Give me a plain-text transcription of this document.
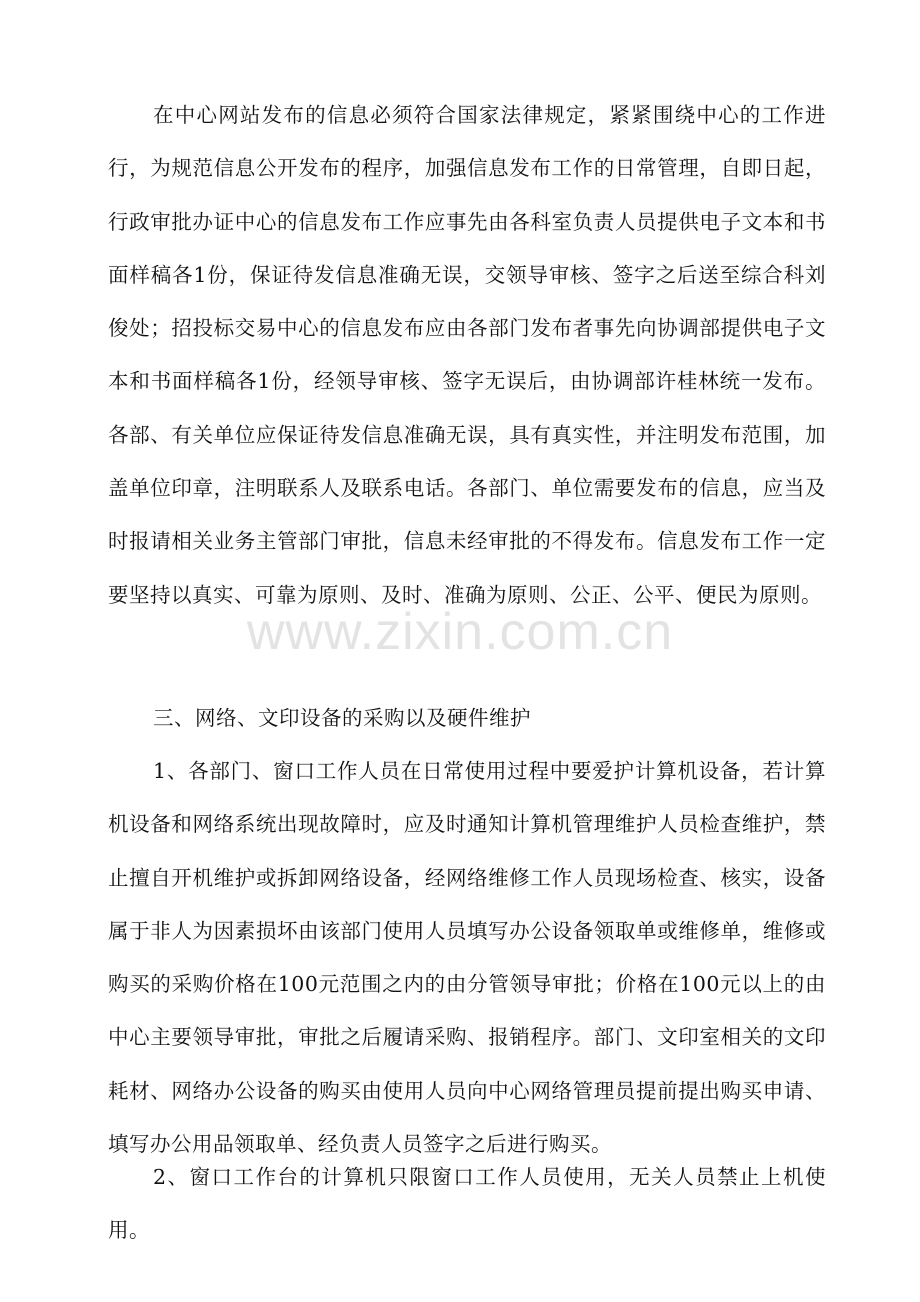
在中心网站发布的信息必须符合国家法律规定，紧紧围绕中心的工作进行，为规范信息公开发布的程序，加强信息发布工作的日常管理，自即日起，行政审批办证中心的信息发布工作应事先由各科室负责人员提供电子文本和书面样稿各1份，保证待发信息准确无误，交领导审核、签字之后送至综合科刘俊处；招投标交易中心的信息发布应由各部门发布者事先向协调部提供电子文本和书面样稿各1份，经领导审核、签字无误后，由协调部许桂林统一发布。各部、有关单位应保证待发信息准确无误，具有真实性，并注明发布范围，加盖单位印章，注明联系人及联系电话。各部门、单位需要发布的信息，应当及时报请相关业务主管部门审批，信息未经审批的不得发布。信息发布工作一定要坚持以真实、可靠为原则、及时、准确为原则、公正、公平、便民为原则。

www.zixin.com.cn

三、网络、文印设备的采购以及硬件维护

1、各部门、窗口工作人员在日常使用过程中要爱护计算机设备，若计算机设备和网络系统出现故障时，应及时通知计算机管理维护人员检查维护，禁止擅自开机维护或拆卸网络设备，经网络维修工作人员现场检查、核实，设备属于非人为因素损坏由该部门使用人员填写办公设备领取单或维修单，维修或购买的采购价格在100元范围之内的由分管领导审批；价格在100元以上的由中心主要领导审批，审批之后履请采购、报销程序。部门、文印室相关的文印耗材、网络办公设备的购买由使用人员向中心网络管理员提前提出购买申请、填写办公用品领取单、经负责人员签字之后进行购买。

2、窗口工作台的计算机只限窗口工作人员使用，无关人员禁止上机使用。
